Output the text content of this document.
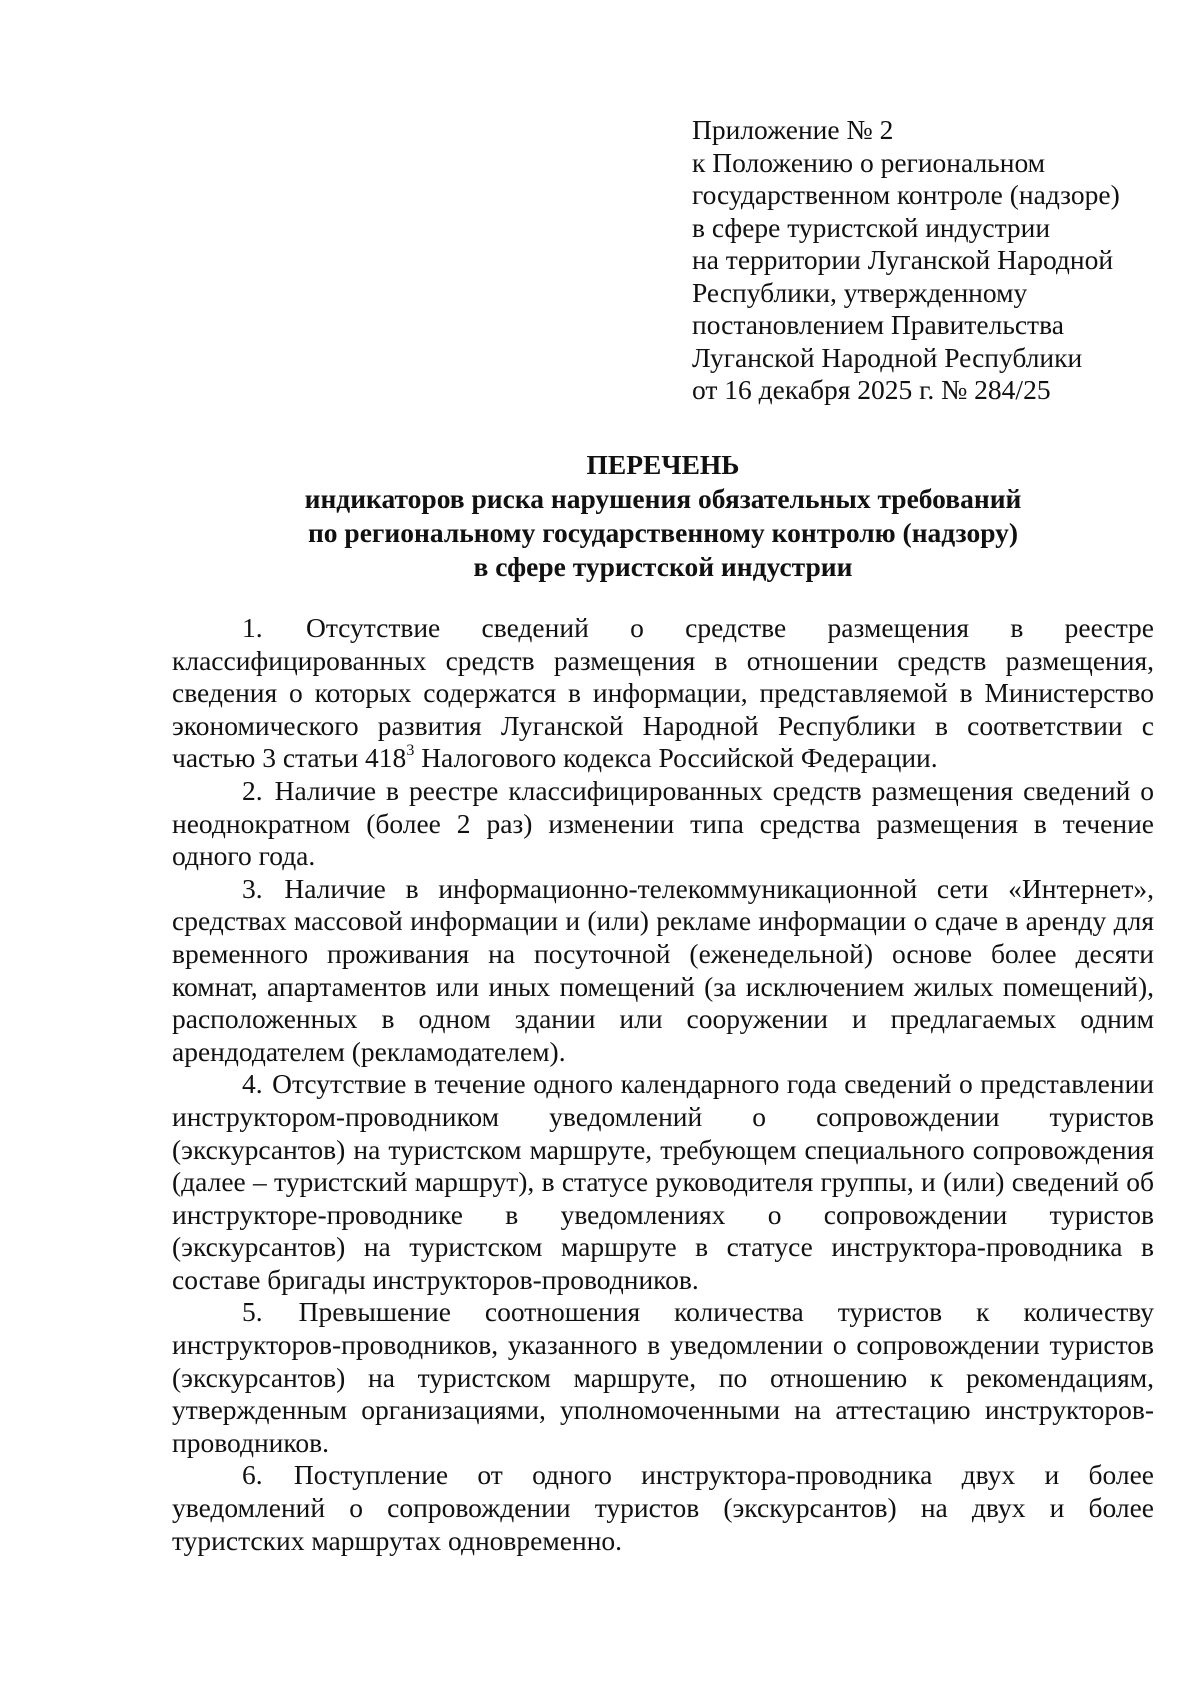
Приложение № 2
к Положению о региональном
государственном контроле (надзоре)
в сфере туристской индустрии
на территории Луганской Народной
Республики, утвержденному
постановлением Правительства
Луганской Народной Республики
от 16 декабря 2025 г. № 284/25
ПЕРЕЧЕНЬ
индикаторов риска нарушения обязательных требований
по региональному государственному контролю (надзору)
в сфере туристской индустрии

1. Отсутствие сведений о средстве размещения в реестре классифицированных средств размещения в отношении средств размещения, сведения о которых содержатся в информации, представляемой в Министерство экономического развития Луганской Народной Республики в соответствии с частью 3 статьи $418^3$ Налогового кодекса Российской Федерации.

2. Наличие в реестре классифицированных средств размещения сведений о неоднократном (более 2 раз) изменении типа средства размещения в течение одного года.

3. Наличие в информационно-телекоммуникационной сети «Интернет», средствах массовой информации и (или) рекламе информации о сдаче в аренду для временного проживания на посуточной (еженедельной) основе более десяти комнат, апартаментов или иных помещений (за исключением жилых помещений), расположенных в одном здании или сооружении и предлагаемых одним арендодателем (рекламодателем).

4. Отсутствие в течение одного календарного года сведений о представлении инструктором-проводником уведомлений о сопровождении туристов (экскурсантов) на туристском маршруте, требующем специального сопровождения (далее – туристский маршрут), в статусе руководителя группы, и (или) сведений об инструкторе-проводнике в уведомлениях о сопровождении туристов (экскурсантов) на туристском маршруте в статусе инструктора-проводника в составе бригады инструкторов-проводников.

5. Превышение соотношения количества туристов к количеству инструкторов-проводников, указанного в уведомлении о сопровождении туристов (экскурсантов) на туристском маршруте, по отношению к рекомендациям, утвержденным организациями, уполномоченными на аттестацию инструкторов-проводников.

6. Поступление от одного инструктора-проводника двух и более уведомлений о сопровождении туристов (экскурсантов) на двух и более туристских маршрутах одновременно.
